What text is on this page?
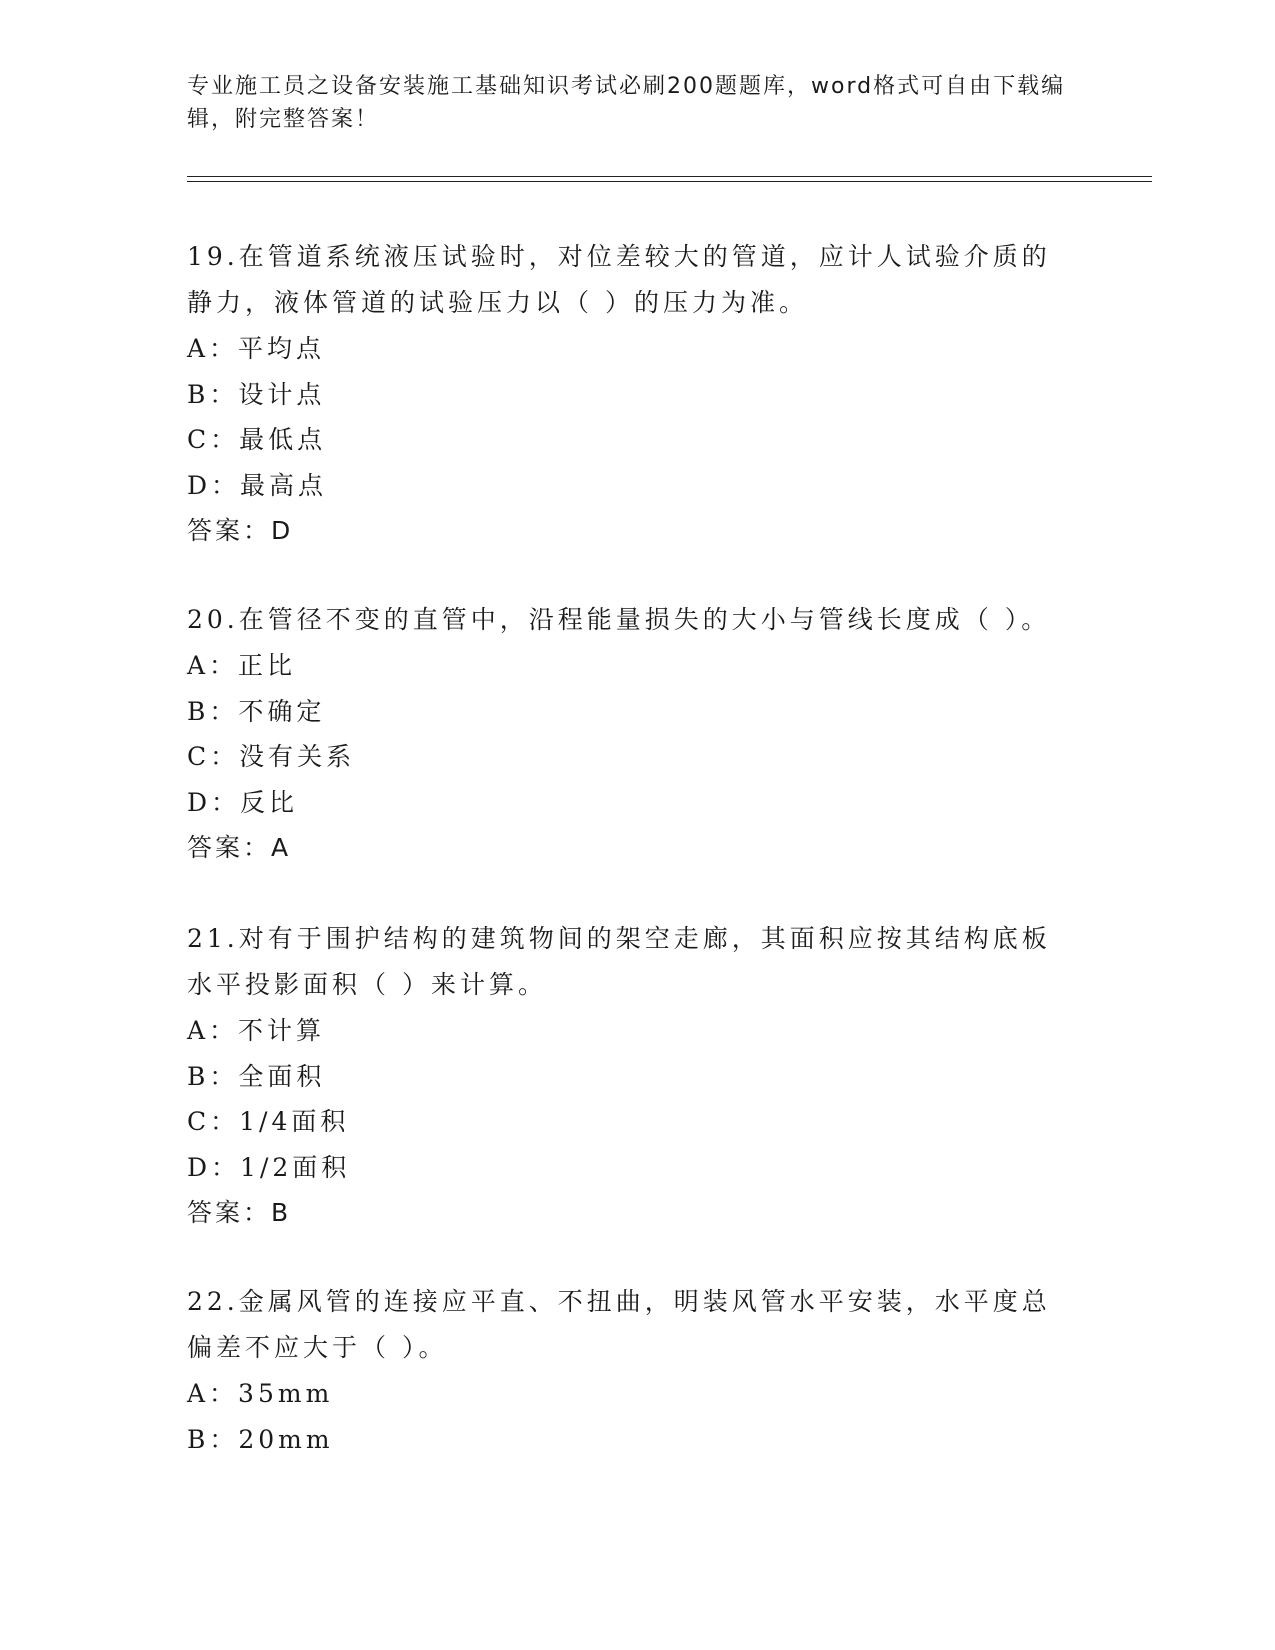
专业施工员之设备安装施工基础知识考试必刷200题题库，word格式可自由下载编辑，附完整答案！

19.在管道系统液压试验时，对位差较大的管道，应计人试验介质的静力，液体管道的试验压力以（ ）的压力为准。

A：平均点

B：设计点

C：最低点

D：最高点

答案：D

20.在管径不变的直管中，沿程能量损失的大小与管线长度成（ ）。

A：正比

B：不确定

C：没有关系

D：反比

答案：A

21.对有于围护结构的建筑物间的架空走廊，其面积应按其结构底板水平投影面积（ ）来计算。

A：不计算

B：全面积

C：1/4面积

D：1/2面积

答案：B

22.金属风管的连接应平直、不扭曲，明装风管水平安装，水平度总偏差不应大于（ ）。

A：35mm

B：20mm
